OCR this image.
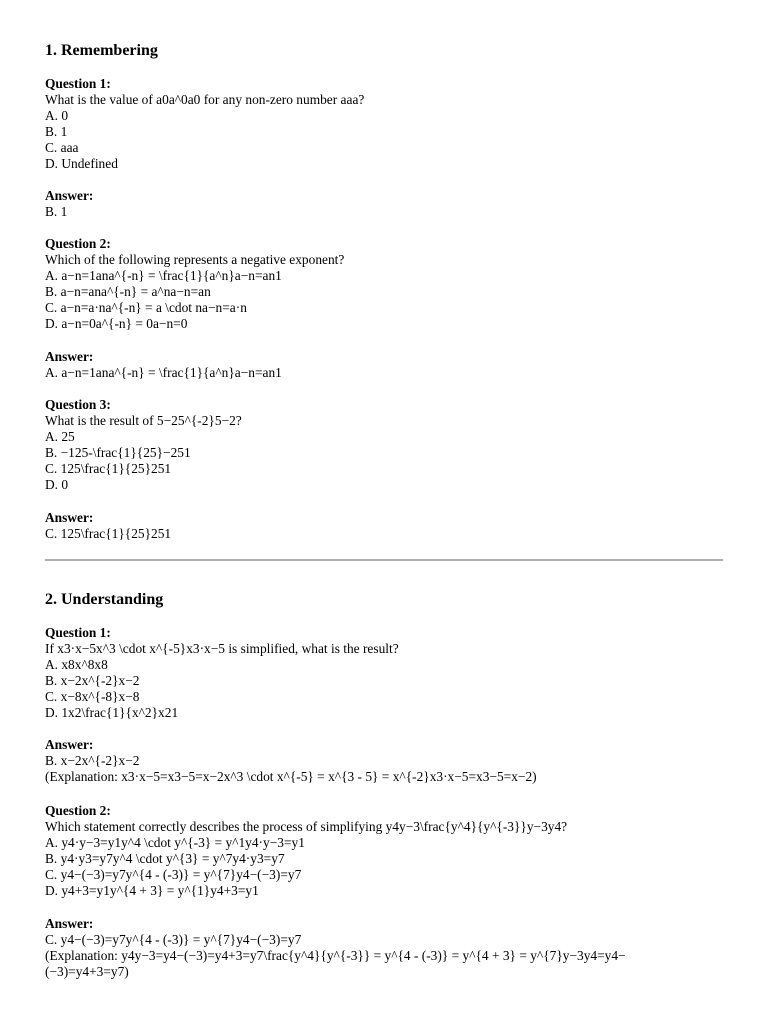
1. Remembering
Question 1:
What is the value of a0a^0a0 for any non-zero number aaa?
A. 0
B. 1
C. aaa
D. Undefined
Answer:
B. 1
Question 2:
Which of the following represents a negative exponent?
A. a−n=1ana^{-n} = \frac{1}{a^n}a−n=an1
B. a−n=ana^{-n} = a^na−n=an
C. a−n=a·na^{-n} = a \cdot na−n=a·n
D. a−n=0a^{-n} = 0a−n=0
Answer:
A. a−n=1ana^{-n} = \frac{1}{a^n}a−n=an1
Question 3:
What is the result of 5−25^{-2}5−2?
A. 25
B. −125-\frac{1}{25}−251
C. 125\frac{1}{25}251
D. 0
Answer:
C. 125\frac{1}{25}251
2. Understanding
Question 1:
If x3·x−5x^3 \cdot x^{-5}x3·x−5 is simplified, what is the result?
A. x8x^8x8
B. x−2x^{-2}x−2
C. x−8x^{-8}x−8
D. 1x2\frac{1}{x^2}x21
Answer:
B. x−2x^{-2}x−2
(Explanation: x3·x−5=x3−5=x−2x^3 \cdot x^{-5} = x^{3 - 5} = x^{-2}x3·x−5=x3−5=x−2)
Question 2:
Which statement correctly describes the process of simplifying y4y−3\frac{y^4}{y^{-3}}y−3y4?
A. y4·y−3=y1y^4 \cdot y^{-3} = y^1y4·y−3=y1
B. y4·y3=y7y^4 \cdot y^{3} = y^7y4·y3=y7
C. y4−(−3)=y7y^{4 - (-3)} = y^{7}y4−(−3)=y7
D. y4+3=y1y^{4 + 3} = y^{1}y4+3=y1
Answer:
C. y4−(−3)=y7y^{4 - (-3)} = y^{7}y4−(−3)=y7
(Explanation: y4y−3=y4−(−3)=y4+3=y7\frac{y^4}{y^{-3}} = y^{4 - (-3)} = y^{4 + 3} = y^{7}y−3y4=y4−
(−3)=y4+3=y7)
